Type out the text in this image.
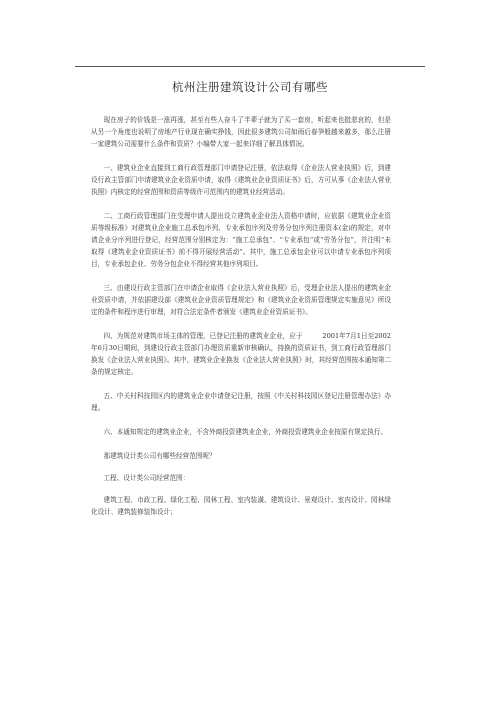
杭州注册建筑设计公司有哪些

现在房子的价钱是一涨再涨，甚至有些人奋斗了半辈子就为了买一套房，听起来也挺悲哀的，但是从另一个角度也说明了房地产行业现在确实挣钱，因此很多建筑公司如雨后春笋般越来越多，那么注册一家建筑公司需要什么条件和资质？小编带大家一起来详细了解具体情况。

一、建筑业企业直接到工商行政管理部门申请登记注册，依法取得《企业法人营业执照》后，到建设行政主管部门申请建筑业企业资质申请，取得《建筑业企业资质证书》后，方可从事《企业法人营业执照》内核定的经营范围和资质等级许可范围内的建筑业经营活动。

二、工商行政管理部门在受理申请人提出设立建筑业企业法人资格申请时，应依据《建筑业企业资质等级标准》对建筑业企业施工总承包序列、专业承包序列及劳务分包序列注册资本(金)的规定，对申请企业分序列进行登记，经营范围分别核定为：“施工总承包”、“专业承包”或“劳务分包”，并注明“未取得《建筑业企业资质证书》前不得开展经营活动”。其中，施工总承包企业可以申请专业承包序列项目，专业承包企业、劳务分包企业不得经营其他序列项目。

三、由建设行政主管部门在申请企业取得《企业法人营业执照》后，受理企业法人提出的建筑业企业资质申请，并依据建设部《建筑业企业资质管理规定》和《建筑业企业资质管理规定实施意见》所设定的条件和程序进行审理，对符合法定条件者颁发《建筑业企业资质证书》。

四、为规范对建筑市场主体的管理，已登记注册的建筑业企业，应于　　　2001年7月1日至2002年6月30日期间，到建设行政主管部门办理资质重新审核确认，持换的资质证书，到工商行政管理部门换发《企业法人营业执照》。其中，建筑业企业换发《企业法人营业执照》时，其经营范围按本通知第二条的规定核定。

五、中关村科技园区内的建筑业企业申请登记注册，按照《中关村科技园区登记注册管理办法》办理。

六、本通知规定的建筑业企业，不含外商投资建筑业企业，外商投资建筑业企业按原有规定执行。

那建筑设计类公司有哪些经营范围呢？

工程、设计类公司经营范围：

建筑工程、市政工程、绿化工程、园林工程、室内装潢、建筑设计、景观设计、室内设计、园林绿化设计、建筑装修装饰设计；
